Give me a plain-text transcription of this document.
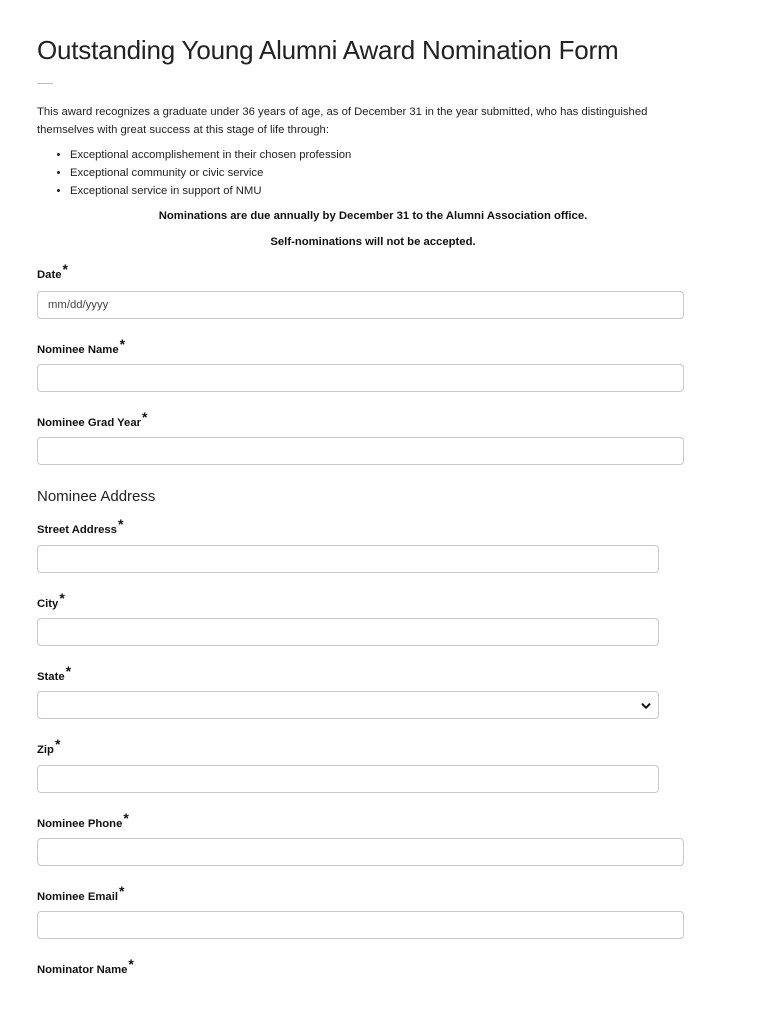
Outstanding Young Alumni Award Nomination Form

This award recognizes a graduate under 36 years of age, as of December 31 in the year submitted, who has distinguished themselves with great success at this stage of life through:

• Exceptional accomplishement in their chosen profession
• Exceptional community or civic service
• Exceptional service in support of NMU
Nominations are due annually by December 31 to the Alumni Association office.
Self-nominations will not be accepted.
Date*
mm/dd/yyyy
Nominee Name*
Nominee Grad Year*
Nominee Address
Street Address*
City*
State*
Zip*
Nominee Phone*
Nominee Email*
Nominator Name*
